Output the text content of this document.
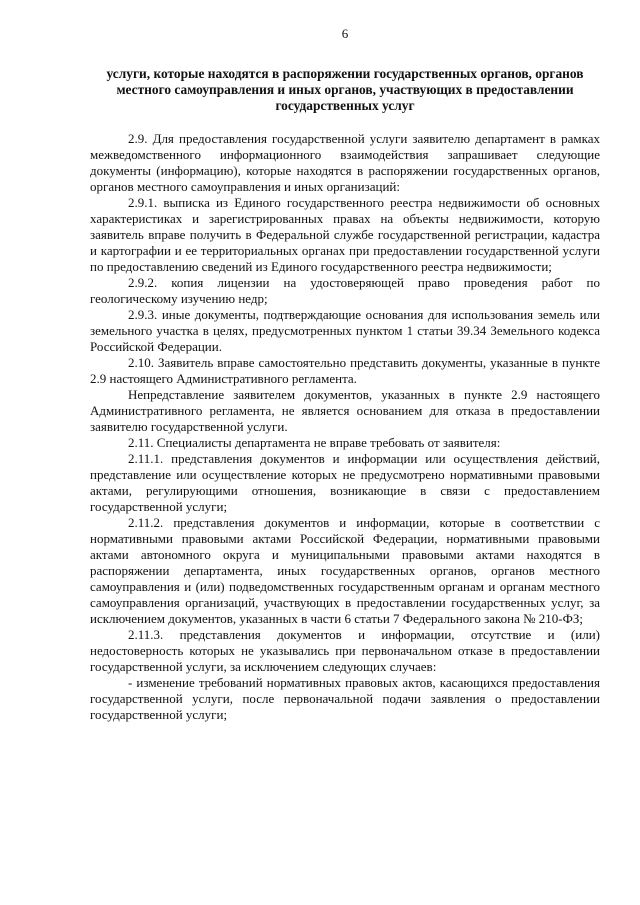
6
услуги, которые находятся в распоряжении государственных органов, органов местного самоуправления и иных органов, участвующих в предоставлении государственных услуг

2.9. Для предоставления государственной услуги заявителю департамент в рамках межведомственного информационного взаимодействия запрашивает следующие документы (информацию), которые находятся в распоряжении государственных органов, органов местного самоуправления и иных организаций:

2.9.1. выписка из Единого государственного реестра недвижимости об основных характеристиках и зарегистрированных правах на объекты недвижимости, которую заявитель вправе получить в Федеральной службе государственной регистрации, кадастра и картографии и ее территориальных органах при предоставлении государственной услуги по предоставлению сведений из Единого государственного реестра недвижимости;

2.9.2. копия лицензии на удостоверяющей право проведения работ по геологическому изучению недр;

2.9.3. иные документы, подтверждающие основания для использования земель или земельного участка в целях, предусмотренных пунктом 1 статьи 39.34 Земельного кодекса Российской Федерации.

2.10. Заявитель вправе самостоятельно представить документы, указанные в пункте 2.9 настоящего Административного регламента.

Непредставление заявителем документов, указанных в пункте 2.9 настоящего Административного регламента, не является основанием для отказа в предоставлении заявителю государственной услуги.

2.11. Специалисты департамента не вправе требовать от заявителя:

2.11.1. представления документов и информации или осуществления действий, представление или осуществление которых не предусмотрено нормативными правовыми актами, регулирующими отношения, возникающие в связи с предоставлением государственной услуги;

2.11.2. представления документов и информации, которые в соответствии с нормативными правовыми актами Российской Федерации, нормативными правовыми актами автономного округа и муниципальными правовыми актами находятся в распоряжении департамента, иных государственных органов, органов местного самоуправления и (или) подведомственных государственным органам и органам местного самоуправления организаций, участвующих в предоставлении государственных услуг, за исключением документов, указанных в части 6 статьи 7 Федерального закона № 210-ФЗ;

2.11.3. представления документов и информации, отсутствие и (или) недостоверность которых не указывались при первоначальном отказе в предоставлении государственной услуги, за исключением следующих случаев:

- изменение требований нормативных правовых актов, касающихся предоставления государственной услуги, после первоначальной подачи заявления о предоставлении государственной услуги;
